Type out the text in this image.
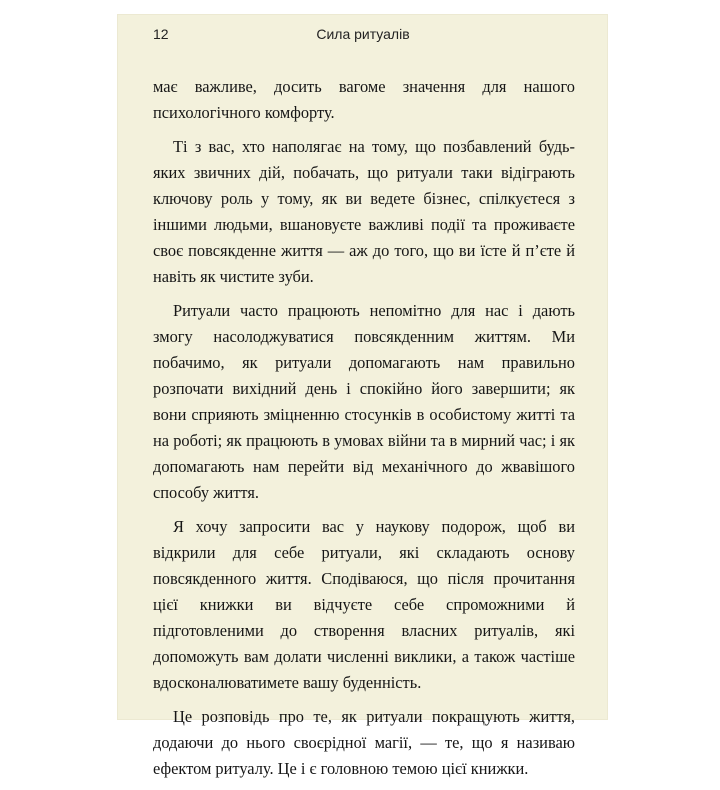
12	Сила ритуалів

має важливе, досить вагоме значення для нашого психологічного комфорту.

Ті з вас, хто наполягає на тому, що позбавлений будь-яких звичних дій, побачать, що ритуали таки відіграють ключову роль у тому, як ви ведете бізнес, спілкуєтеся з іншими людьми, вшановуєте важливі події та проживаєте своє повсякденне життя — аж до того, що ви їсте й п’єте й навіть як чистите зуби.

Ритуали часто працюють непомітно для нас і дають змогу насолоджуватися повсякденним життям. Ми побачимо, як ритуали допомагають нам правильно розпочати вихідний день і спокійно його завершити; як вони сприяють зміцненню стосунків в особистому житті та на роботі; як працюють в умовах війни та в мирний час; і як допомагають нам перейти від механічного до жвавішого способу життя.

Я хочу запросити вас у наукову подорож, щоб ви відкрили для себе ритуали, які складають основу повсякденного життя. Сподіваюся, що після прочитання цієї книжки ви відчуєте себе спроможними й підготовленими до створення власних ритуалів, які допоможуть вам долати численні виклики, а також частіше вдосконалюватимете вашу буденність.

Це розповідь про те, як ритуали покращують життя, додаючи до нього своєрідної магії, — те, що я називаю ефектом ритуалу. Це і є головною темою цієї книжки.
